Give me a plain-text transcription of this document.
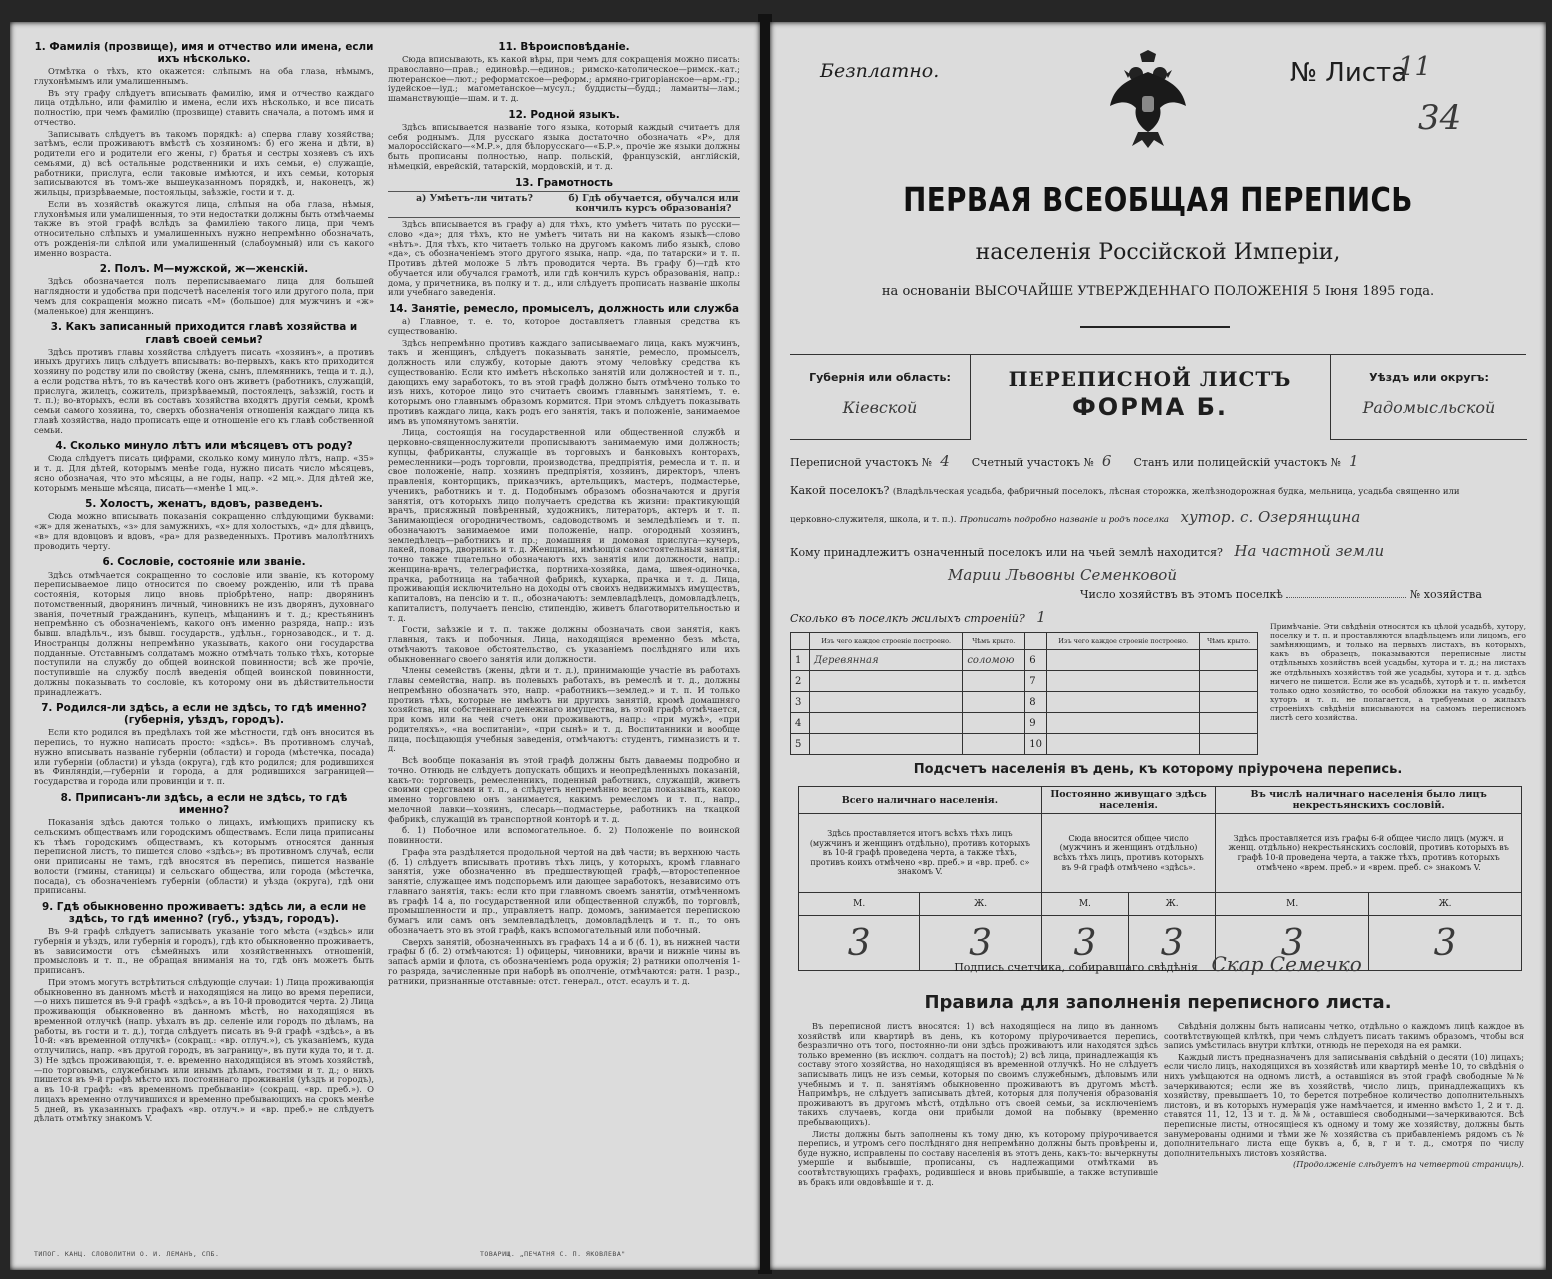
1. Фамилія (прозвище), имя и отчество или имена, если ихъ нѣсколько.

Отмѣтка о тѣхъ, кто окажется: слѣпымъ на оба глаза, нѣмымъ, глухонѣмымъ или умалишеннымъ.

Въ эту графу слѣдуетъ вписывать фамилію, имя и отчество каждаго лица отдѣльно, или фамилію и имена, если ихъ нѣсколько, и все писать полностію, при чемъ фамилію (прозвище) ставить сначала, а потомъ имя и отчество.

Записывать слѣдуетъ въ такомъ порядкѣ: а) сперва главу хозяйства; затѣмъ, если проживаютъ вмѣстѣ съ хозяиномъ: б) его жена и дѣти, в) родители его и родители его жены, г) братья и сестры хозяевъ съ ихъ семьями, д) всѣ остальные родственники и ихъ семьи, е) служащіе, работники, прислуга, если таковые имѣются, и ихъ семьи, которыя записываются въ томъ-же вышеуказанномъ порядкѣ, и, наконецъ, ж) жильцы, призрѣваемые, постояльцы, заѣзжіе, гости и т. д.

Если въ хозяйствѣ окажутся лица, слѣпыя на оба глаза, нѣмыя, глухонѣмыя или умалишенныя, то эти недостатки должны быть отмѣчаемы также въ этой графѣ вслѣдъ за фамиліею такого лица, при чемъ относительно слѣпыхъ и умалишенныхъ нужно непремѣнно обозначать, отъ рожденія-ли слѣпой или умалишенный (слабоумный) или съ какого именно возраста.

2. Полъ. М—мужской, ж—женскій.

Здѣсь обозначается полъ переписываемаго лица для большей наглядности и удобства при подсчетѣ населенія того или другого пола, при чемъ для сокращенія можно писать «М» (большое) для мужчинъ и «ж» (маленькое) для женщинъ.

3. Какъ записанный приходится главѣ хозяйства и главѣ своей семьи?

Здѣсь противъ главы хозяйства слѣдуетъ писать «хозяинъ», а противъ иныхъ другихъ лицъ слѣдуетъ вписывать: во-первыхъ, какъ кто приходится хозяину по родству или по свойству (жена, сынъ, племянникъ, теща и т. д.), а если родства нѣтъ, то въ качествѣ кого онъ живетъ (работникъ, служащій, прислуга, жилецъ, сожитель, призрѣваемый, постоялецъ, заѣзжій, гость и т. п.); во-вторыхъ, если въ составъ хозяйства входятъ другія семьи, кромѣ семьи самого хозяина, то, сверхъ обозначенія отношенія каждаго лица къ главѣ хозяйства, надо прописать еще и отношеніе его къ главѣ собственной семьи.

4. Сколько минуло лѣтъ или мѣсяцевъ отъ роду?

Сюда слѣдуетъ писать цифрами, сколько кому минуло лѣтъ, напр. «35» и т. д. Для дѣтей, которымъ менѣе года, нужно писать число мѣсяцевъ, ясно обозначая, что это мѣсяцы, а не годы, напр. «2 мц.». Для дѣтей же, которымъ меньше мѣсяца, писать—«менѣе 1 мц.».

5. Холостъ, женатъ, вдовъ, разведенъ.

Сюда можно вписывать показанія сокращенно слѣдующими буквами: «ж» для женатыхъ, «з» для замужнихъ, «х» для холостыхъ, «д» для дѣвицъ, «в» для вдовцовъ и вдовъ, «ра» для разведенныхъ. Противъ малолѣтнихъ проводить черту.

6. Сословіе, состояніе или званіе.

Здѣсь отмѣчается сокращенно то сословіе или званіе, къ которому переписываемое лицо относится по своему рожденію, или тѣ права состоянія, которыя лицо вновь пріобрѣтено, напр: дворянинъ потомственный, дворянинъ личный, чиновникъ не изъ дворянъ, духовнаго званія, почетный гражданинъ, купецъ, мѣщанинъ и т. д.; крестьянинъ непремѣнно съ обозначеніемъ, какого онъ именно разряда, напр.: изъ бывш. владѣльч., изъ бывш. государств., удѣльн., горнозаводск., и т. д. Иностранцы должны непремѣнно указывать, какого они государства подданные. Отставнымъ солдатамъ можно отмѣчать только тѣхъ, которые поступили на службу до общей воинской повинности; всѣ же прочіе, поступившіе на службу послѣ введенія общей воинской повинности, должны показывать то сословіе, къ которому они въ дѣйствительности принадлежатъ.

7. Родился-ли здѣсь, а если не здѣсь, то гдѣ именно? (губернія, уѣздъ, городъ).

Если кто родился въ предѣлахъ той же мѣстности, гдѣ онъ вносится въ перепись, то нужно написать просто: «здѣсь». Въ противномъ случаѣ, нужно вписывать названіе губерніи (области) и города (мѣстечка, посада) или губерніи (области) и уѣзда (округа), гдѣ кто родился; для родившихся въ Финляндіи,—губерніи и города, а для родившихся заграницей—государства и города или провинціи и т. п.

8. Приписанъ-ли здѣсь, а если не здѣсь, то гдѣ именно?

Показанія здѣсь даются только о лицахъ, имѣющихъ приписку къ сельскимъ обществамъ или городскимъ обществамъ. Если лица приписаны къ тѣмъ городскимъ обществамъ, къ которымъ относятся данныя переписной листъ, то пишется слово «здѣсь»; въ противномъ случаѣ, если они приписаны не тамъ, гдѣ вносятся въ перепись, пишется названіе волости (гмины, станицы) и сельскаго общества, или города (мѣстечка, посада), съ обозначеніемъ губерніи (области) и уѣзда (округа), гдѣ они приписаны.

9. Гдѣ обыкновенно проживаетъ: здѣсь ли, а если не здѣсь, то гдѣ именно? (губ., уѣздъ, городъ).

Въ 9-й графѣ слѣдуетъ записывать указаніе того мѣста («здѣсь» или губернія и уѣздъ, или губернія и городъ), гдѣ кто обыкновенно проживаетъ, въ зависимости отъ сѣмейныхъ или хозяйственныхъ отношеній, промысловъ и т. п., не обращая вниманія на то, гдѣ онъ можетъ быть приписанъ.

При этомъ могутъ встрѣтиться слѣдующіе случаи: 1) Лица проживающія обыкновенно въ данномъ мѣстѣ и находящіяся на лицо во время переписи,—о нихъ пишется въ 9-й графѣ «здѣсь», а въ 10-й проводится черта. 2) Лица проживающія обыкновенно въ данномъ мѣстѣ, но находящіяся въ временной отлучкѣ (напр. уѣхалъ въ др. селеніе или городъ по дѣламъ, на работы, въ гости и т. д.), тогда слѣдуетъ писать въ 9-й графѣ «здѣсь», а въ 10-й: «въ временной отлучкѣ» (сокращ.: «вр. отлуч.»), съ указаніемъ, куда отлучились, напр. «въ другой городъ, въ заграницу», въ пути куда то, и т. д. 3) Не здѣсь проживающія, т. е. временно находящіяся въ этомъ хозяйствѣ,—по торговымъ, служебнымъ или инымъ дѣламъ, гостями и т. д.; о нихъ пишется въ 9-й графѣ мѣсто ихъ постояннаго проживанія (уѣздъ и городъ), а въ 10-й графѣ: «въ временномъ пребываніи» (сокращ. «вр. преб.»). О лицахъ временно отлучившихся и временно пребывающихъ на срокъ менѣе 5 дней, въ указанныхъ графахъ «вр. отлуч.» и «вр. преб.» не слѣдуетъ дѣлать отмѣтку знакомъ V.

11. Вѣроисповѣданіе.

Сюда вписывають, къ какой вѣры, при чемъ для сокращенія можно писать: православно—прав.; единовѣр.—единов.; римско-католическое—римск.-кат.; лютеранское—лют.; реформатское—реформ.; армяно-григоріанское—арм.-гр.; іудейское—іуд.; магометанское—мусул.; буддисты—будд.; ламаиты—лам.; шаманствующіе—шам. и т. д.

12. Родной языкъ.

Здѣсь вписывается названіе того языка, который каждый считаетъ для себя роднымъ. Для русскаго языка достаточно обозначать «Р», для малороссійскаго—«М.Р.», для бѣлорусскаго—«Б.Р.», прочіе же языки должны быть прописаны полностью, напр. польскій, французскій, англійскій, нѣмецкій, еврейскій, татарскій, мордовскій, и т. д.

13. Грамотность
а) Умѣетъ-ли читать?	б) Гдѣ обучается, обучался или кончилъ курсъ образованія?

Здѣсь вписывается въ графу а) для тѣхъ, кто умѣетъ читать по русски—слово «да»; для тѣхъ, кто не умѣетъ читать ни на какомъ языкѣ—слово «нѣтъ». Для тѣхъ, кто читаетъ только на другомъ какомъ либо языкѣ, слово «да», съ обозначеніемъ этого другого языка, напр. «да, по татарски» и т. п. Противъ дѣтей моложе 5 лѣтъ проводится черта. Въ графу б)—гдѣ кто обучается или обучался грамотѣ, или гдѣ кончилъ курсъ образованія, напр.: дома, у причетника, въ полку и т. д., или слѣдуетъ прописать названіе школы или учебнаго заведенія.

14. Занятіе, ремесло, промыселъ, должность или служба

а) Главное, т. е. то, которое доставляетъ главныя средства къ существованію.

Здѣсь непремѣнно противъ каждаго записываемаго лица, какъ мужчинъ, такъ и женщинъ, слѣдуетъ показывать занятіе, ремесло, промыселъ, должность или службу, которые даютъ этому человѣку средства къ существованію. Если кто имѣетъ нѣсколько занятій или должностей и т. п., дающихъ ему заработокъ, то въ этой графѣ должно быть отмѣчено только то изъ нихъ, которое лицо это считаетъ своимъ главнымъ занятіемъ, т. е. которымъ оно главнымъ образомъ кормится. При этомъ слѣдуетъ показывать противъ каждаго лица, какъ родъ его занятія, такъ и положеніе, занимаемое имъ въ упомянутомъ занятіи.

Лица, состоящія на государственной или общественной службѣ и церковно-священнослужители прописываютъ занимаемую ими должность; купцы, фабриканты, служащіе въ торговыхъ и банковыхъ конторахъ, ремесленники—родъ торговли, производства, предпріятія, ремесла и т. п. и свое положеніе, напр. хозяинъ предпріятія, хозяинъ, директоръ, членъ правленія, конторщикъ, приказчикъ, артельщикъ, мастеръ, подмастерье, ученикъ, работникъ и т. д. Подобнымъ образомъ обозначаются и другія занятія, отъ которыхъ лицо получаетъ средства къ жизни: практикующій врачъ, присяжный повѣренный, художникъ, литераторъ, актеръ и т. п. Занимающіеся огородничествомъ, садоводствомъ и земледѣліемъ и т. п. обозначаютъ занимаемое ими положеніе, напр. огородный хозяинъ, земледѣлецъ—работникъ и пр.; домашняя и домовая прислуга—кучеръ, лакей, поваръ, дворникъ и т. д. Женщины, имѣющія самостоятельныя занятія, точно также тщательно обозначаютъ ихъ занятія или должности, напр.: женщина-врачъ, телеграфистка, портниха-хозяйка, дама, швея-одиночка, прачка, работница на табачной фабрикѣ, кухарка, прачка и т. д. Лица, проживающія исключительно на доходы отъ своихъ недвижимыхъ имуществъ, капиталовъ, на пенсію и т. п., обозначаютъ: землевладѣлецъ, домовладѣлецъ, капиталистъ, получаетъ пенсію, стипендію, живетъ благотворительностью и т. д.

Гости, заѣзжіе и т. п. также должны обозначать свои занятія, какъ главныя, такъ и побочныя. Лица, находящіяся временно безъ мѣста, отмѣчаютъ таковое обстоятельство, съ указаніемъ послѣдняго или ихъ обыкновеннаго своего занятія или должности.

Члены семействъ (жены, дѣти и т. д.), принимающіе участіе въ работахъ главы семейства, напр. въ полевыхъ работахъ, въ ремеслѣ и т. д., должны непремѣнно обозначать это, напр. «работникъ—землед.» и т. п. И только противъ тѣхъ, которые не имѣютъ ни другихъ занятій, кромѣ домашняго хозяйства, ни собственнаго денежнаго имущества, въ этой графѣ отмѣчается, при комъ или на чей счетъ они проживаютъ, напр.: «при мужѣ», «при родителяхъ», «на воспитаніи», «при сынѣ» и т. д. Воспитанники и вообще лица, посѣщающія учебныя заведенія, отмѣчаютъ: студентъ, гимназистъ и т. д.

Всѣ вообще показанія въ этой графѣ должны быть даваемы подробно и точно. Отнюдь не слѣдуетъ допускать общихъ и неопредѣленныхъ показаній, какъ-то: торговецъ, ремесленникъ, поденный работникъ, служащій, живетъ своими средствами и т. п., а слѣдуетъ непремѣнно всегда показывать, какою именно торговлею онъ занимается, какимъ ремесломъ и т. п., напр., мелочной лавки—хозяинъ, слесарь—подмастерье, работникъ на ткацкой фабрикѣ, служащій въ транспортной конторѣ и т. д.

б. 1) Побочное или вспомогательное. б. 2) Положеніе по воинской повинности.

Графа эта раздѣляется продольной чертой на двѣ части; въ верхнюю часть (б. 1) слѣдуетъ вписывать противъ тѣхъ лицъ, у которыхъ, кромѣ главнаго занятія, уже обозначенно въ предшествующей графѣ,—второстепенное занятіе, служащее имъ подспорьемъ или дающее заработокъ, независимо отъ главнаго занятія, такъ: если кто при главномъ своемъ занятіи, отмѣченномъ въ графѣ 14 а, по государственной или общественной службѣ, по торговлѣ, промышленности и пр., управляетъ напр. домомъ, занимается перепискою бумагъ или самъ онъ землевладѣлецъ, домовладѣлецъ и т. п., то онъ обозначаетъ это въ этой графѣ, какъ вспомогательный или побочный.

Сверхъ занятій, обозначенныхъ въ графахъ 14 а и б (б. 1), въ нижней части графы б (б. 2) отмѣчаются: 1) офицеры, чиновники, врачи и нижніе чины въ запасѣ арміи и флота, съ обозначеніемъ рода оружія; 2) ратники ополченія 1-го разряда, зачисленные при наборѣ въ ополченіе, отмѣчаются: ратн. 1 разр., ратники, признанные отставные: отст. генерал., отст. есаулъ и т. д.

ТИПОГ. КАНЦ. СЛОВОЛИТНИ О. И. ЛЕМАНЪ, СПБ.	ТОВАРИЩ. „ПЕЧАТНЯ С. П. ЯКОВЛЕВА"
Безплатно.	№ Листа
11
34
ПЕРВАЯ ВСЕОБЩАЯ ПЕРЕПИСЬ
населенія Россійской Имперіи,
на основаніи ВЫСОЧАЙШЕ УТВЕРЖДЕННАГО ПОЛОЖЕНІЯ 5 Іюня 1895 года.
Губернія или область:
Кіевской
ПЕРЕПИСНОЙ ЛИСТЪ
ФОРМА Б.
Уѣздъ или округъ:
Радомысльской
Переписной участокъ № 4 Счетный участокъ № 6 Станъ или полицейскій участокъ № 1
Какой поселокъ? (Владѣльческая усадьба, фабричный поселокъ, лѣсная сторожка, желѣзнодорожная будка, мельница, усадьба священно или
церковно-служителя, школа, и т. п.). Прописать подробно названіе и родъ поселка хутор. с. Озерянщина
Кому принадлежитъ означенный поселокъ или на чьей землѣ находится? На частной земли
Марии Львовны Семенковой
Число хозяйствъ въ этомъ поселкѣ	№ хозяйства
Сколько въ поселкѣ жилыхъ строеній? 1
	Изъ чего каждое строеніе построено.	Чѣмъ крыто.		Изъ чего каждое строеніе построено.	Чѣмъ крыто.
1	Деревянная	соломою	6		
2			7		
3			8		
4			9		
5			10		
Примѣчаніе. Эти свѣдѣнія относятся къ цѣлой усадьбѣ, хутору, поселку и т. п. и проставляются владѣльцемъ или лицомъ, его замѣняющимъ, и только на первыхъ листахъ, въ которыхъ, какъ въ образецъ, показываются переписные листы отдѣльныхъ хозяйствъ всей усадьбы, хутора и т. д.; на листахъ же отдѣльныхъ хозяйствъ той же усадьбы, хутора и т. д. здѣсь ничего не пишется. Если же въ усадьбѣ, хуторѣ и т. п. имѣется только одно хозяйство, то особой обложки на такую усадьбу, хуторъ и т. п. не полагается, а требуемыя о жилыхъ строеніяхъ свѣдѣнія вписываются на самомъ переписномъ листѣ сего хозяйства.
Подсчетъ населенія въ день, къ которому пріурочена перепись.
Всего наличнаго населенія.		Постоянно живущаго здѣсь населенія.		Въ числѣ наличнаго населенія было лицъ некрестьянскихъ сословій.	
Здѣсь проставляется итогъ всѣхъ тѣхъ лицъ (мужчинъ и женщинъ отдѣльно), противъ которыхъ въ 10-й графѣ проведена черта, а также тѣхъ, противъ коихъ отмѣчено «вр. преб.» и «вр. преб. с» знакомъ V.		Сюда вносится общее число (мужчинъ и женщинъ отдѣльно) всѣхъ тѣхъ лицъ, противъ которыхъ въ 9-й графѣ отмѣчено «здѣсь».		Здѣсь проставляется изъ графы 6-й общее число лицъ (мужч. и женщ. отдѣльно) некрестьянскихъ сословій, противъ которыхъ въ графѣ 10-й проведена черта, а также тѣхъ, противъ которыхъ отмѣчено «врем. преб.» и «врем. преб. с» знакомъ V.	
М.	Ж.	М.	Ж.	М.	Ж.
3	3	3	3	3	3
Подпись счетчика, собиравшаго свѣдѣнія Скар Семечко
Правила для заполненія переписного листа.

Въ переписной листъ вносятся: 1) всѣ находящіеся на лицо въ данномъ хозяйствѣ или квартирѣ въ день, къ которому пріурочивается перепись, безразлично отъ того, постоянно-ли они здѣсь проживаютъ или находятся здѣсь только временно (въ исключ. солдатъ на постоѣ); 2) всѣ лица, принадлежащія къ составу этого хозяйства, но находящіяся въ временной отлучкѣ. Но не слѣдуетъ записывать лицъ не изъ семьи, которыя по своимъ служебнымъ, дѣловымъ или учебнымъ и т. п. занятіямъ обыкновенно проживаютъ въ другомъ мѣстѣ. Напримѣръ, не слѣдуетъ записывать дѣтей, которыя для полученія образованія проживаютъ въ другомъ мѣстѣ, отдѣльно отъ своей семьи, за исключеніемъ такихъ случаевъ, когда они прибыли домой на побывку (временно пребывающихъ).

Листы должны быть заполнены къ тому дню, къ которому пріурочивается перепись, и утромъ сего послѣдняго дня непремѣнно должны быть провѣрены и, буде нужно, исправлены по составу населенія въ этотъ день, какъ-то: вычеркнуты умершіе и выбывшіе, прописаны, съ надлежащими отмѣтками въ соотвѣтствующихъ графахъ, родившіеся и вновь прибывшіе, а также вступившіе въ бракъ или овдовѣвшіе и т. д.

Свѣдѣнія должны быть написаны четко, отдѣльно о каждомъ лицѣ каждое въ соотвѣтствующей клѣткѣ, при чемъ слѣдуетъ писать такимъ образомъ, чтобы вся запись умѣстилась внутри клѣтки, отнюдь не переходя на ея рамки.

Каждый листъ предназначенъ для записыванія свѣдѣній о десяти (10) лицахъ; если число лицъ, находящихся въ хозяйствѣ или квартирѣ менѣе 10, то свѣдѣнія о нихъ умѣщаются на одномъ листѣ, а оставшіяся въ этой графѣ свободные №№ зачеркиваются; если же въ хозяйствѣ, число лицъ, принадлежащихъ къ хозяйству, превышаетъ 10, то берется потребное количество дополнительныхъ листовъ, и въ которыхъ нумерація уже намѣчается, и именно вмѣсто 1, 2 и т. д. ставятся 11, 12, 13 и т. д. №№, оставшіеся свободными—зачеркиваются. Всѣ переписные листы, относящіеся къ одному и тому же хозяйству, должны быть занумерованы одними и тѣми же № хозяйства съ прибавленіемъ рядомъ съ № дополнительнаго листа еще буквъ а, б, в, г и т. д., смотря по числу дополнительныхъ листовъ хозяйства.

(Продолженіе слѣдуетъ на четвертой страницѣ).
